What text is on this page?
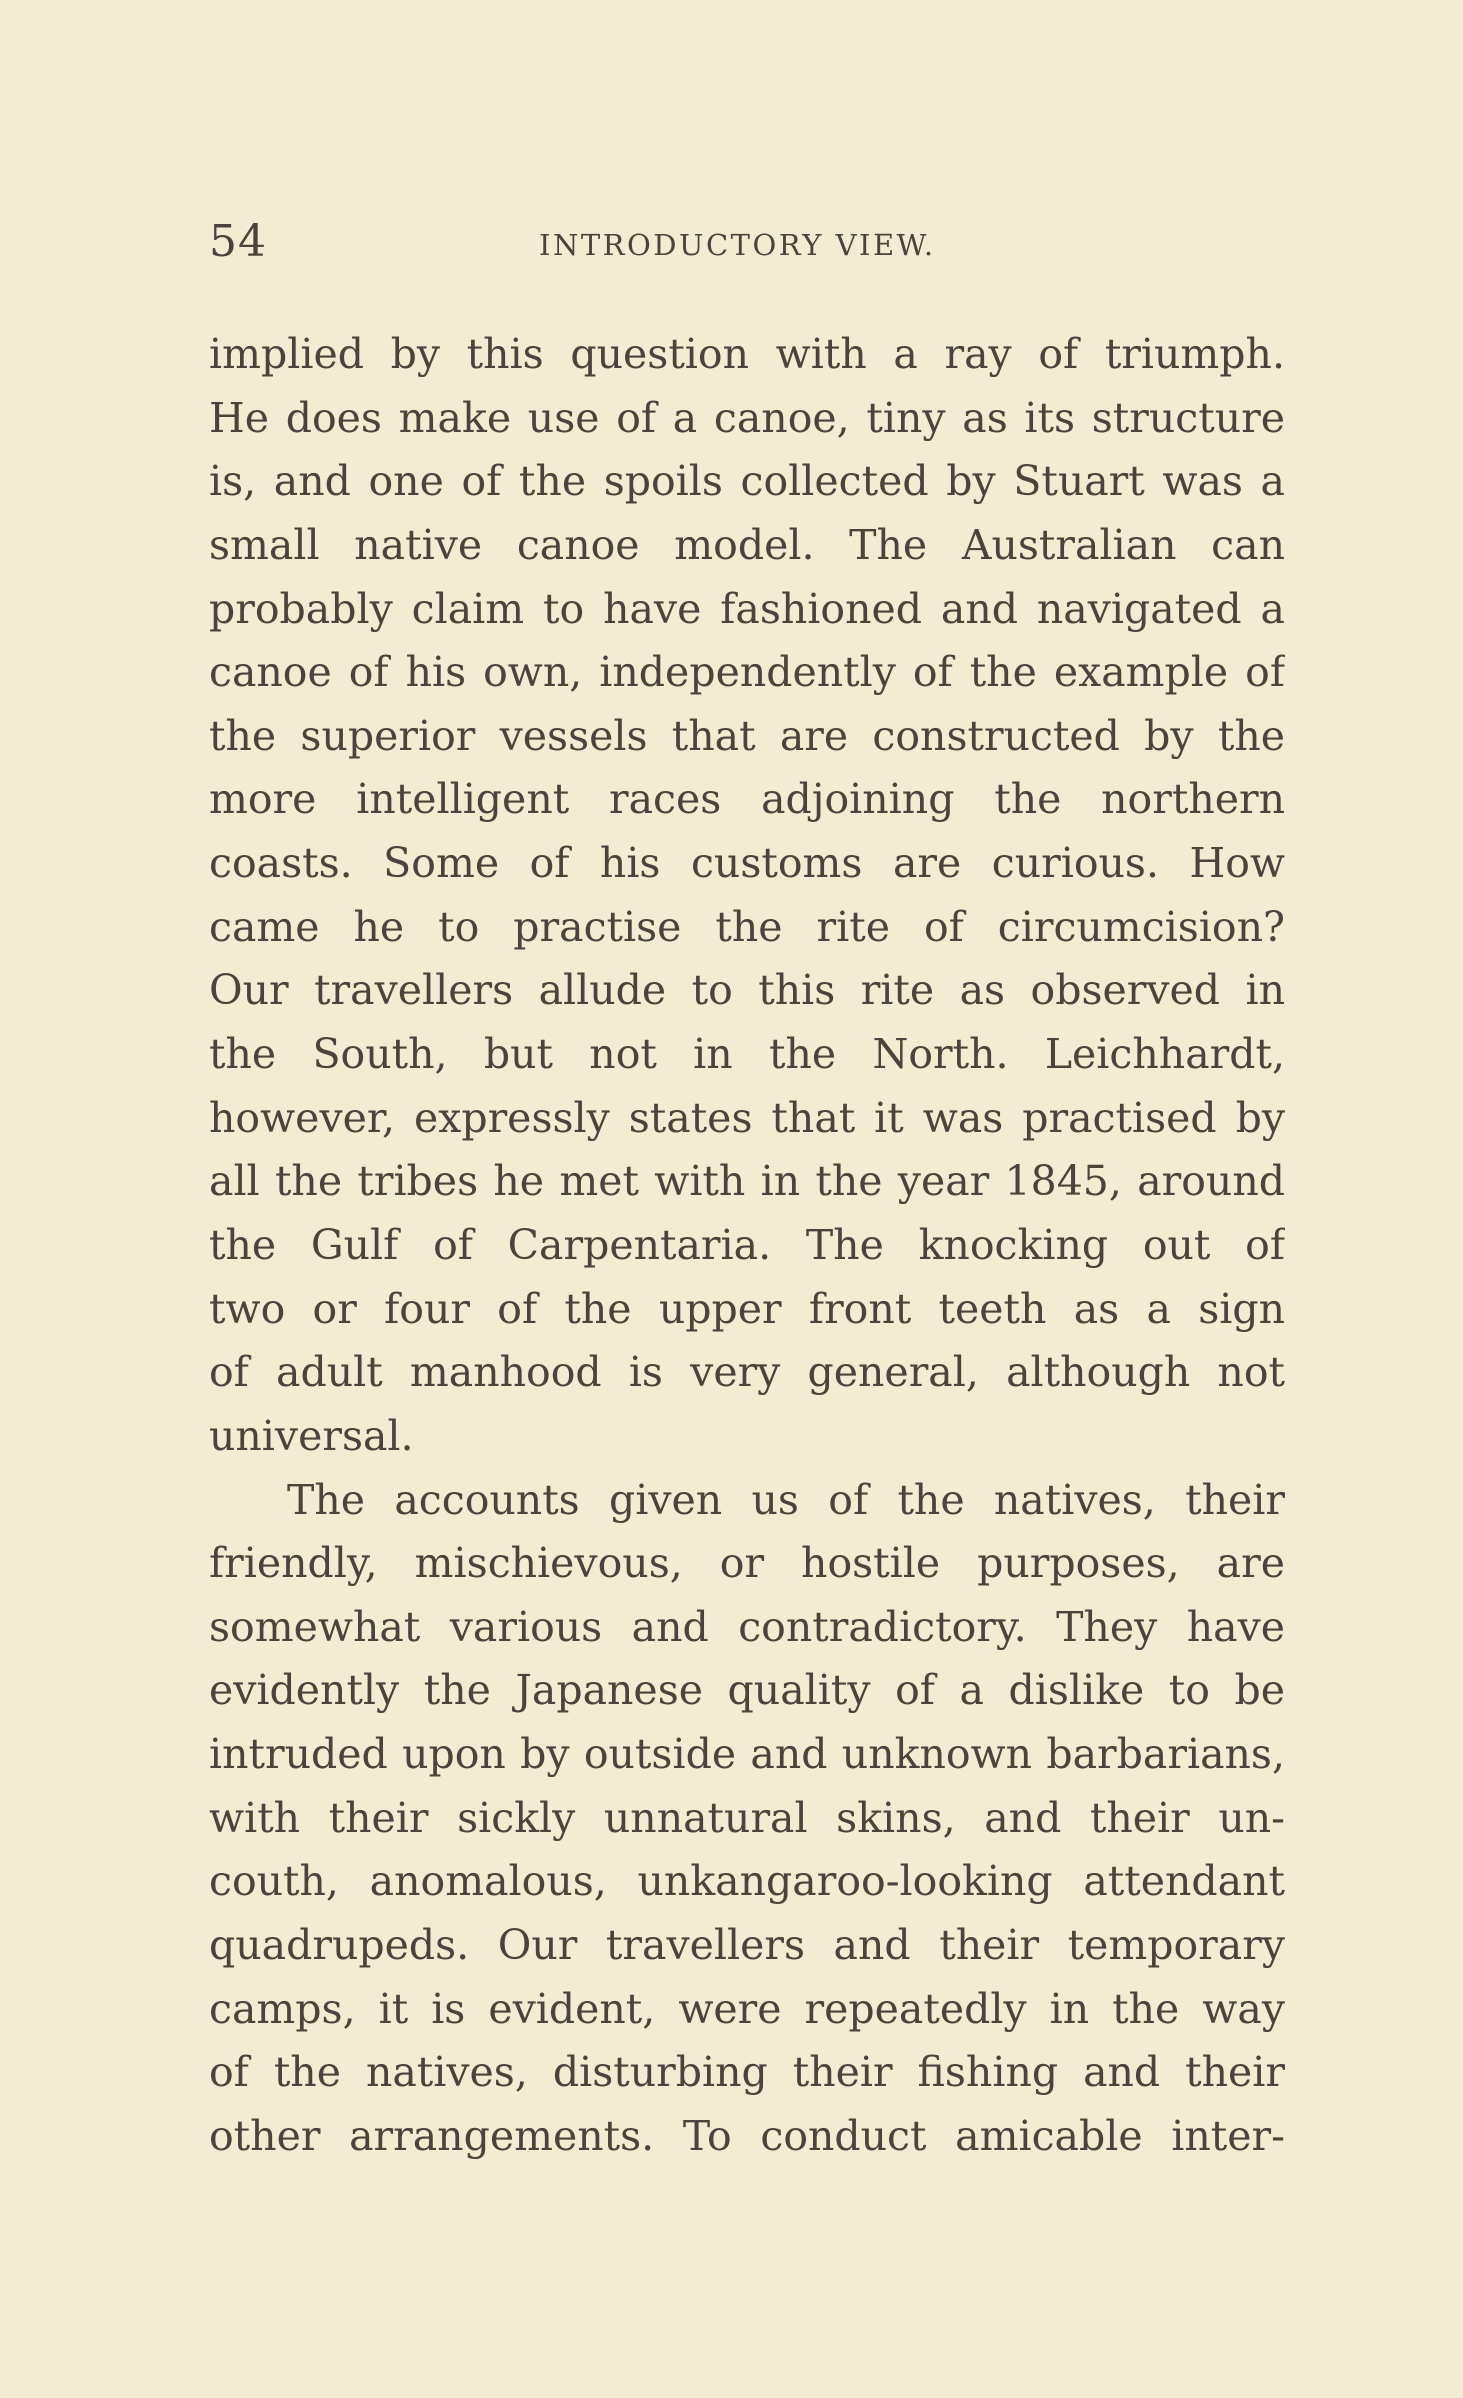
54	INTRODUCTORY VIEW.
implied by this question with a ray of triumph.
He does make use of a canoe, tiny as its structure
is, and one of the spoils collected by Stuart was a
small native canoe model. The Australian can
probably claim to have fashioned and navigated a
canoe of his own, independently of the example of
the superior vessels that are constructed by the
more intelligent races adjoining the northern
coasts. Some of his customs are curious. How
came he to practise the rite of circumcision?
Our travellers allude to this rite as observed in
the South, but not in the North. Leichhardt,
however, expressly states that it was practised by
all the tribes he met with in the year 1845, around
the Gulf of Carpentaria. The knocking out of
two or four of the upper front teeth as a sign
of adult manhood is very general, although not
universal.
The accounts given us of the natives, their
friendly, mischievous, or hostile purposes, are
somewhat various and contradictory. They have
evidently the Japanese quality of a dislike to be
intruded upon by outside and unknown barbarians,
with their sickly unnatural skins, and their un-
couth, anomalous, unkangaroo-looking attendant
quadrupeds. Our travellers and their temporary
camps, it is evident, were repeatedly in the way
of the natives, disturbing their fishing and their
other arrangements. To conduct amicable inter-
